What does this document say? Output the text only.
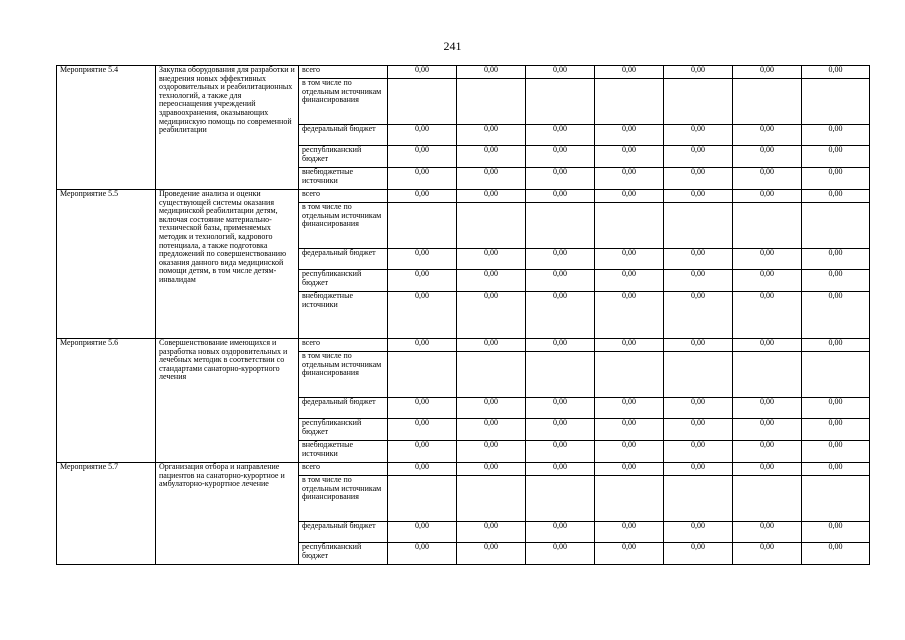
241
Мероприятие 5.4	Закупка оборудования для разработки и внедрения новых эффективных оздоровительных и реабилитационных технологий, а также для переоснащения учреждений здравоохранения, оказывающих медицинскую помощь по современной реабилитации	всего	0,00	0,00	0,00	0,00	0,00	0,00	0,00
		в том числе по отдельным источникам финансирования							
		федеральный бюджет	0,00	0,00	0,00	0,00	0,00	0,00	0,00
		республиканский бюджет	0,00	0,00	0,00	0,00	0,00	0,00	0,00
		внебюджетные источники	0,00	0,00	0,00	0,00	0,00	0,00	0,00
Мероприятие 5.5	Проведение анализа и оценки существующей системы оказания медицинской реабилитации детям, включая состояние материально-технической базы, применяемых методик и технологий, кадрового потенциала, а также подготовка предложений по совершенствованию оказания данного вида медицинской помощи детям, в том числе детям-инвалидам	всего	0,00	0,00	0,00	0,00	0,00	0,00	0,00
		в том числе по отдельным источникам финансирования							
		федеральный бюджет	0,00	0,00	0,00	0,00	0,00	0,00	0,00
		республиканский бюджет	0,00	0,00	0,00	0,00	0,00	0,00	0,00
		внебюджетные источники	0,00	0,00	0,00	0,00	0,00	0,00	0,00
Мероприятие 5.6	Совершенствование имеющихся и разработка новых оздоровительных и лечебных методик в соответствии со стандартами санаторно-курортного лечения	всего	0,00	0,00	0,00	0,00	0,00	0,00	0,00
		в том числе по отдельным источникам финансирования							
		федеральный бюджет	0,00	0,00	0,00	0,00	0,00	0,00	0,00
		республиканский бюджет	0,00	0,00	0,00	0,00	0,00	0,00	0,00
		внебюджетные источники	0,00	0,00	0,00	0,00	0,00	0,00	0,00
Мероприятие 5.7	Организация отбора и направление пациентов на санаторно-курортное и амбулаторно-курортное лечение	всего	0,00	0,00	0,00	0,00	0,00	0,00	0,00
		в том числе по отдельным источникам финансирования							
		федеральный бюджет	0,00	0,00	0,00	0,00	0,00	0,00	0,00
		республиканский бюджет	0,00	0,00	0,00	0,00	0,00	0,00	0,00
